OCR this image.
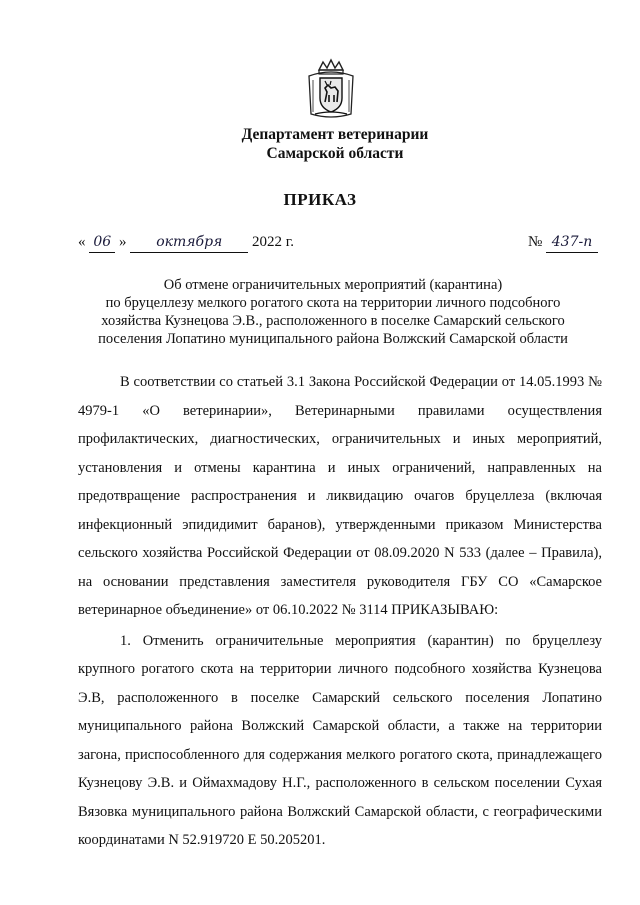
Департамент ветеринарии
Самарской области
ПРИКАЗ
« 06 » октября 2022 г.	№ 437-п
Об отмене ограничительных мероприятий (карантина)
по бруцеллезу мелкого рогатого скота на территории личного подсобного
хозяйства Кузнецова Э.В., расположенного в поселке Самарский сельского
поселения Лопатино муниципального района Волжский Самарской области

В соответствии со статьей 3.1 Закона Российской Федерации от 14.05.1993 № 4979-1 «О ветеринарии», Ветеринарными правилами осуществления профилактических, диагностических, ограничительных и иных мероприятий, установления и отмены карантина и иных ограничений, направленных на предотвращение распространения и ликвидацию очагов бруцеллеза (включая инфекционный эпидидимит баранов), утвержденными приказом Министерства сельского хозяйства Российской Федерации от 08.09.2020 N 533 (далее – Правила), на основании представления заместителя руководителя ГБУ СО «Самарское ветеринарное объединение» от 06.10.2022 № 3114 ПРИКАЗЫВАЮ:

1. Отменить ограничительные мероприятия (карантин) по бруцеллезу крупного рогатого скота на территории личного подсобного хозяйства Кузнецова Э.В, расположенного в поселке Самарский сельского поселения Лопатино муниципального района Волжский Самарской области, а также на территории загона, приспособленного для содержания мелкого рогатого скота, принадлежащего Кузнецову Э.В. и Оймахмадову Н.Г., расположенного в сельском поселении Сухая Вязовка муниципального района Волжский Самарской области, с географическими координатами N 52.919720 E 50.205201.
